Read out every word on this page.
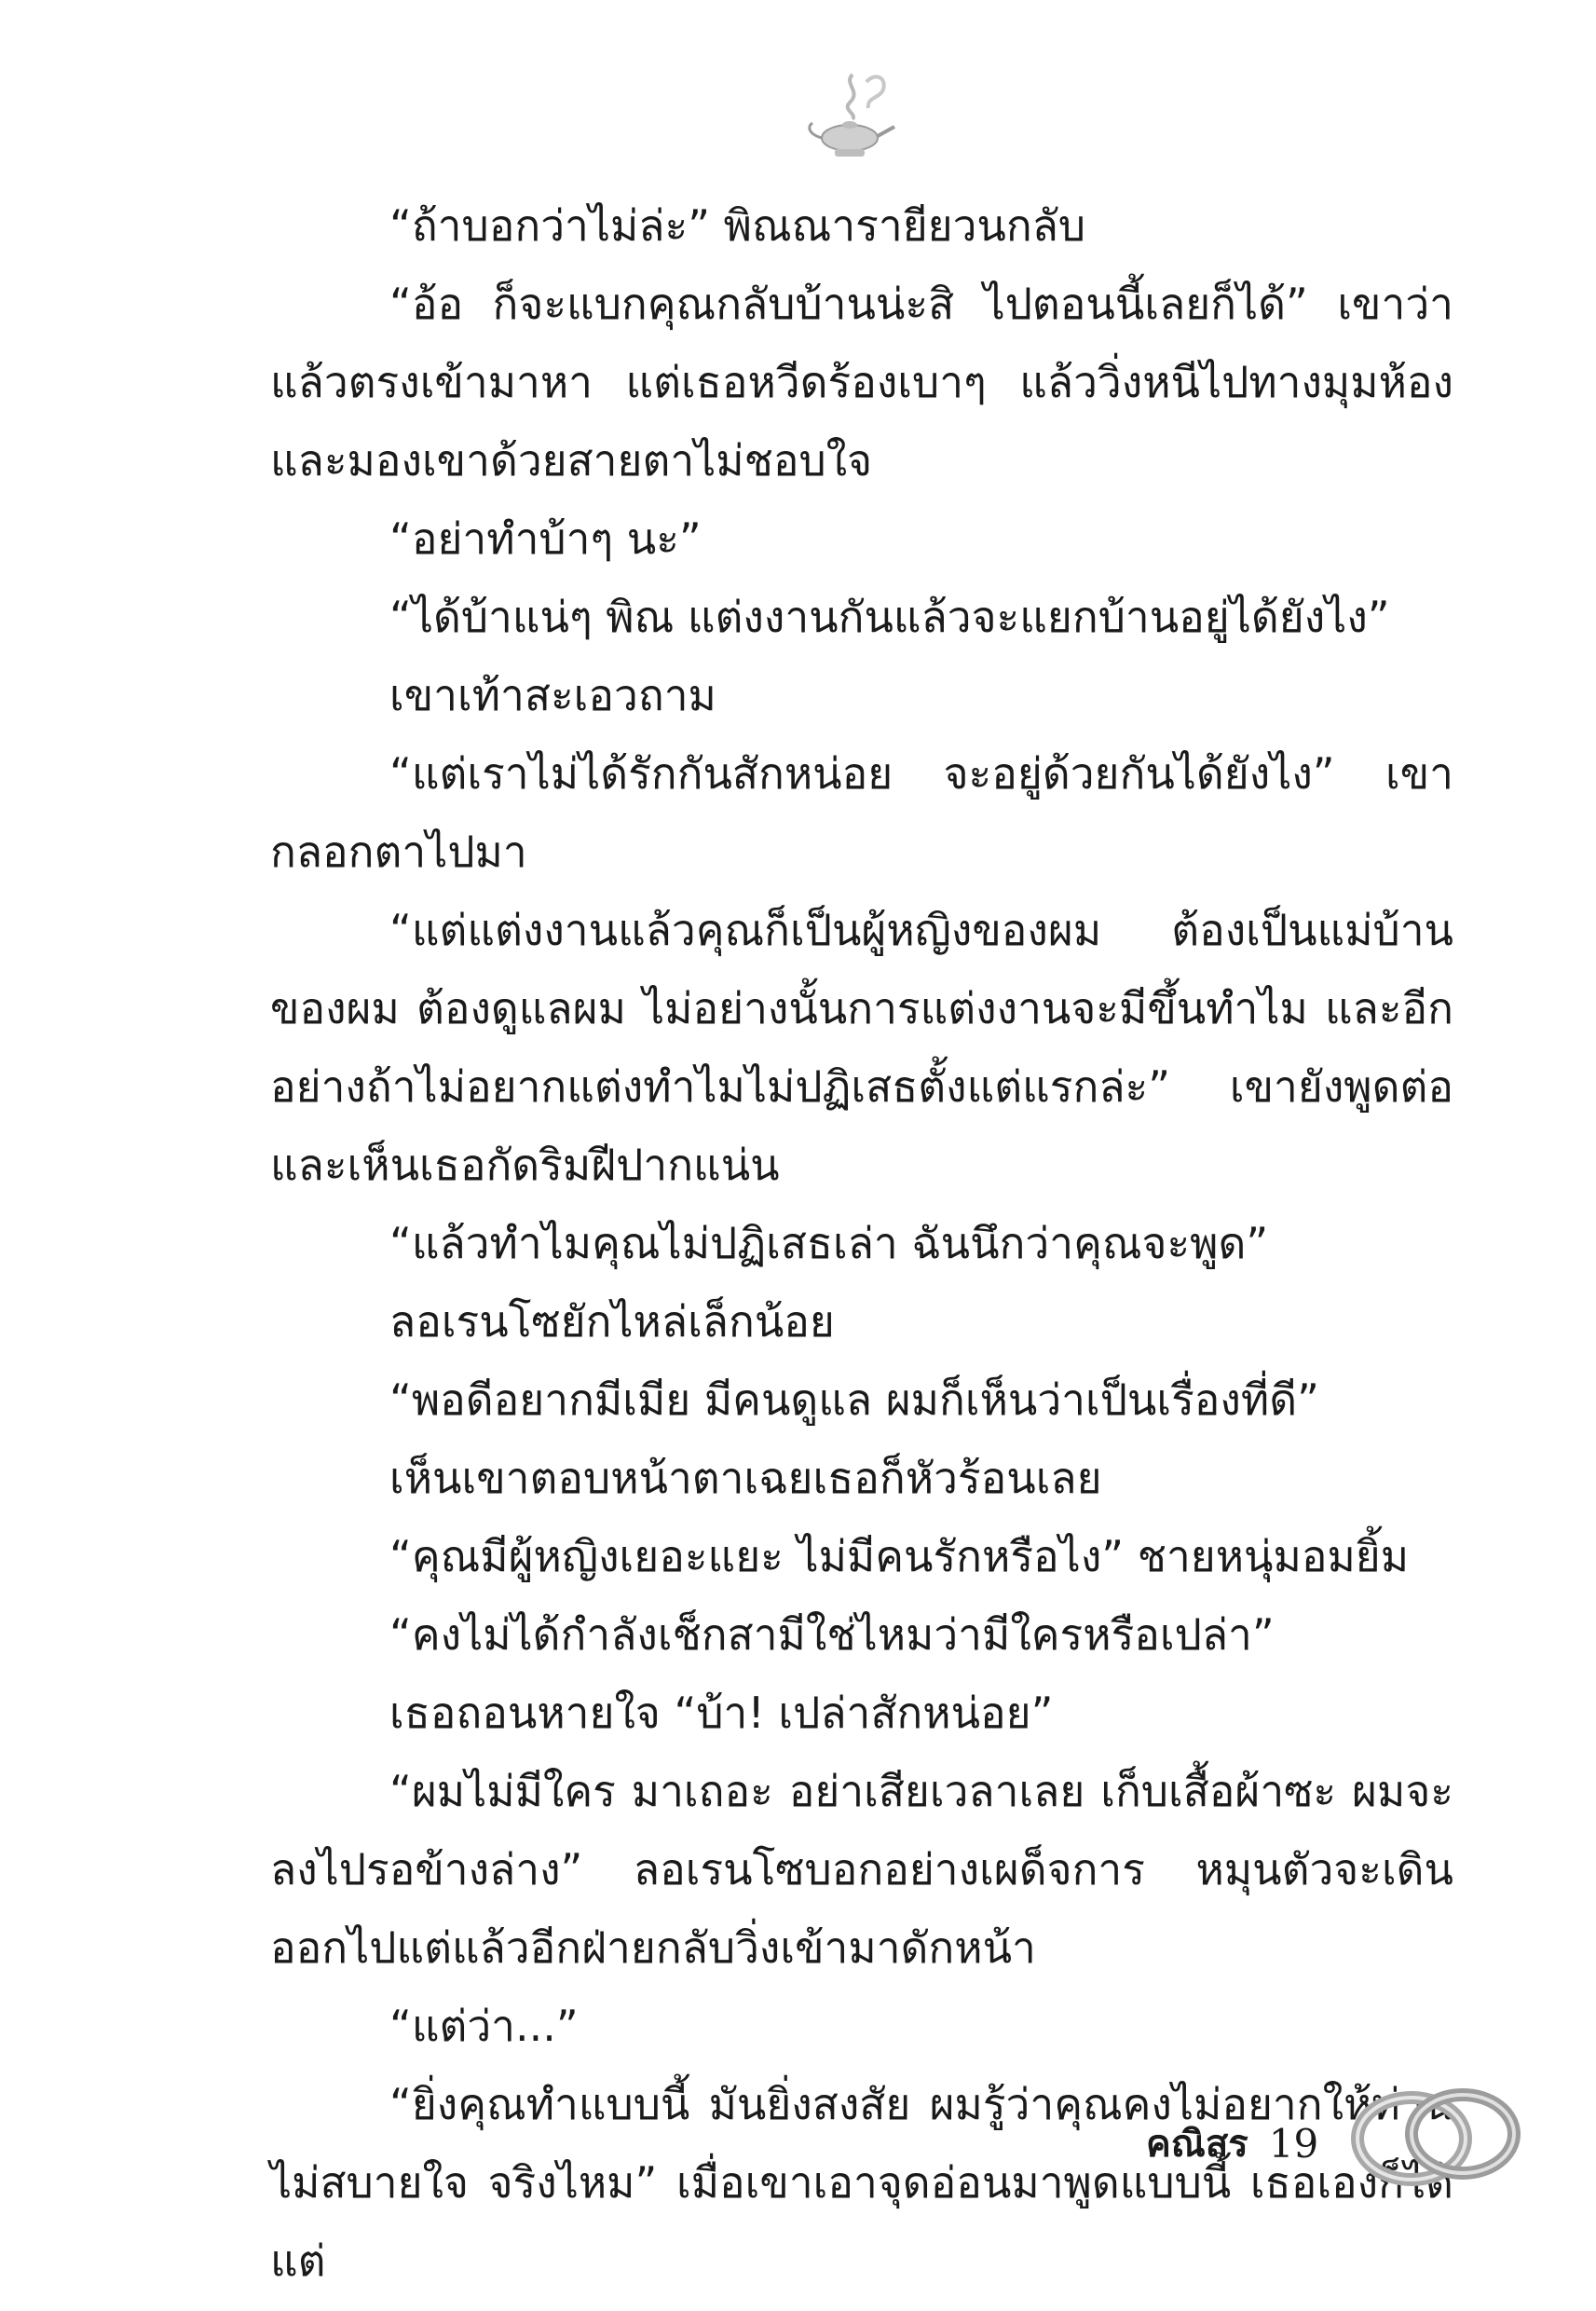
“ถ้าบอกว่าไม่ล่ะ” พิณณารายียวนกลับ

“อ้อ ก็จะแบกคุณกลับบ้านน่ะสิ ไปตอนนี้เลยก็ได้” เขาว่าแล้วตรงเข้ามาหา แต่เธอหวีดร้องเบาๆ แล้ววิ่งหนีไปทางมุมห้องและมองเขาด้วยสายตาไม่ชอบใจ

“อย่าทำบ้าๆ นะ”

“ได้บ้าแน่ๆ พิณ แต่งงานกันแล้วจะแยกบ้านอยู่ได้ยังไง”

เขาเท้าสะเอวถาม

“แต่เราไม่ได้รักกันสักหน่อย จะอยู่ด้วยกันได้ยังไง” เขากลอกตาไปมา

“แต่แต่งงานแล้วคุณก็เป็นผู้หญิงของผม ต้องเป็นแม่บ้านของผม ต้องดูแลผม ไม่อย่างนั้นการแต่งงานจะมีขึ้นทำไม และอีกอย่างถ้าไม่อยากแต่งทำไมไม่ปฏิเสธตั้งแต่แรกล่ะ” เขายังพูดต่อและเห็นเธอกัดริมฝีปากแน่น

“แล้วทำไมคุณไม่ปฏิเสธเล่า ฉันนึกว่าคุณจะพูด”

ลอเรนโซยักไหล่เล็กน้อย

“พอดีอยากมีเมีย มีคนดูแล ผมก็เห็นว่าเป็นเรื่องที่ดี”

เห็นเขาตอบหน้าตาเฉยเธอก็หัวร้อนเลย

“คุณมีผู้หญิงเยอะแยะ ไม่มีคนรักหรือไง” ชายหนุ่มอมยิ้ม

“คงไม่ได้กำลังเช็กสามีใช่ไหมว่ามีใครหรือเปล่า”

เธอถอนหายใจ “บ้า! เปล่าสักหน่อย”

“ผมไม่มีใคร มาเถอะ อย่าเสียเวลาเลย เก็บเสื้อผ้าซะ ผมจะลงไปรอข้างล่าง” ลอเรนโซบอกอย่างเผด็จการ หมุนตัวจะเดินออกไปแต่แล้วอีกฝ่ายกลับวิ่งเข้ามาดักหน้า

“แต่ว่า...”

“ยิ่งคุณทำแบบนี้ มันยิ่งสงสัย ผมรู้ว่าคุณคงไม่อยากให้ท่านไม่สบายใจ จริงไหม” เมื่อเขาเอาจุดอ่อนมาพูดแบบนี้ เธอเองก็ได้แต่

คณิสร 19
